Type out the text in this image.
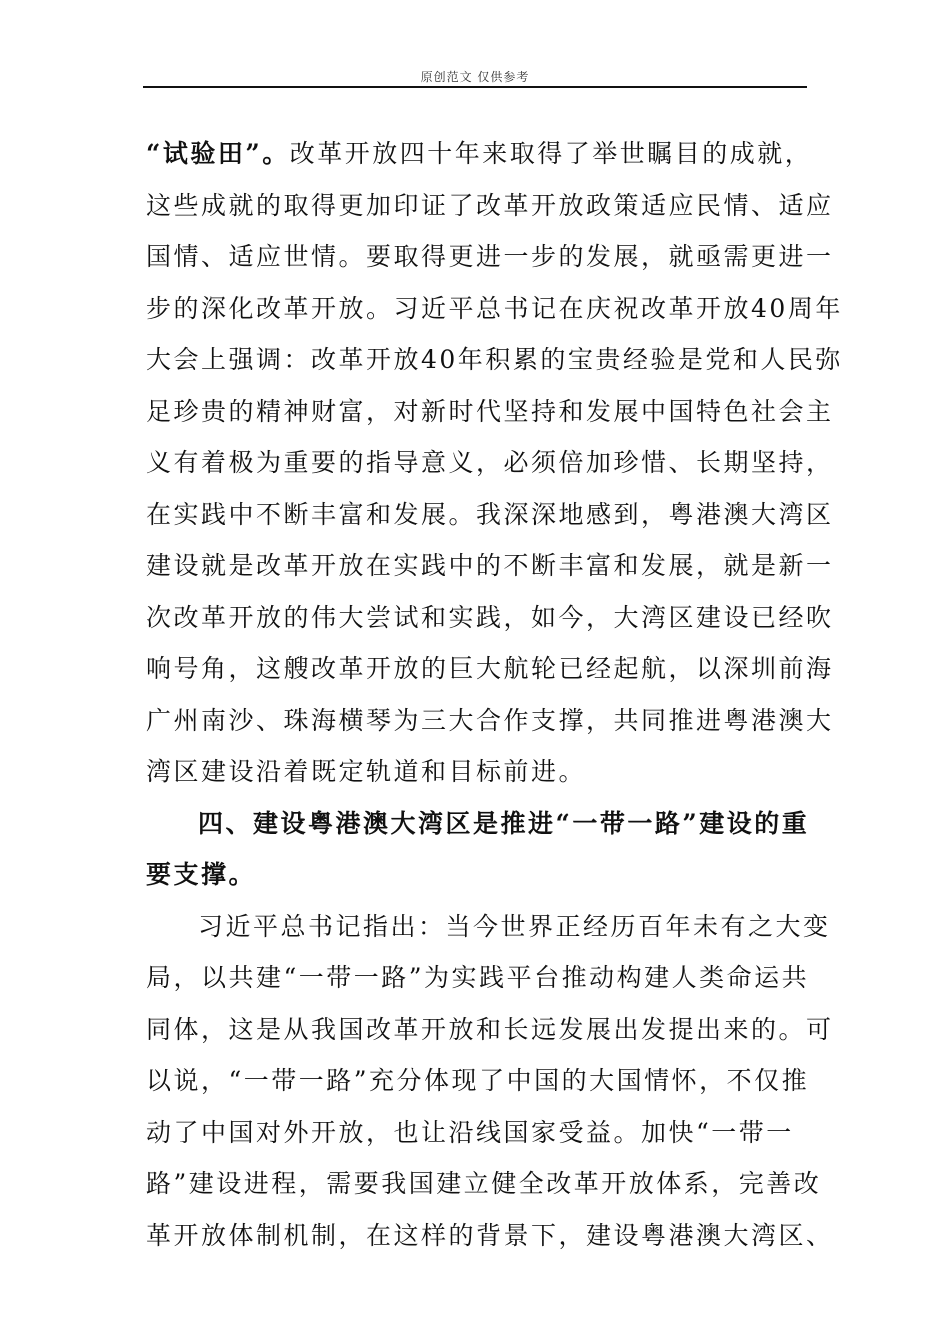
原创范文 仅供参考
“试验田”。改革开放四十年来取得了举世瞩目的成就，
这些成就的取得更加印证了改革开放政策适应民情、适应
国情、适应世情。要取得更进一步的发展，就亟需更进一
步的深化改革开放。习近平总书记在庆祝改革开放40周年
大会上强调：改革开放40年积累的宝贵经验是党和人民弥
足珍贵的精神财富，对新时代坚持和发展中国特色社会主
义有着极为重要的指导意义，必须倍加珍惜、长期坚持，
在实践中不断丰富和发展。我深深地感到，粤港澳大湾区
建设就是改革开放在实践中的不断丰富和发展，就是新一
次改革开放的伟大尝试和实践，如今，大湾区建设已经吹
响号角，这艘改革开放的巨大航轮已经起航，以深圳前海
广州南沙、珠海横琴为三大合作支撑，共同推进粤港澳大
湾区建设沿着既定轨道和目标前进。
四、建设粤港澳大湾区是推进“一带一路”建设的重
要支撑。
习近平总书记指出：当今世界正经历百年未有之大变
局，以共建“一带一路”为实践平台推动构建人类命运共
同体，这是从我国改革开放和长远发展出发提出来的。可
以说，“一带一路”充分体现了中国的大国情怀，不仅推
动了中国对外开放，也让沿线国家受益。加快“一带一
路”建设进程，需要我国建立健全改革开放体系，完善改
革开放体制机制，在这样的背景下，建设粤港澳大湾区、
